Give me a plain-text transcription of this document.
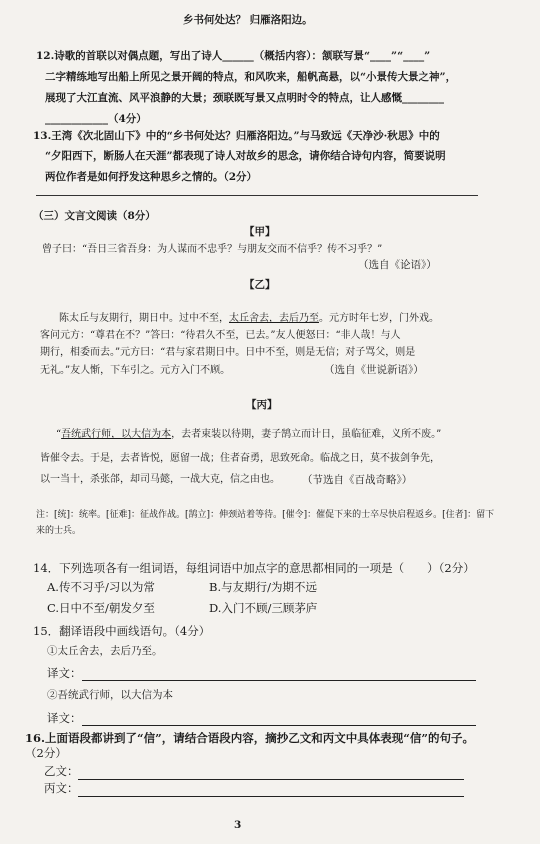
乡书何处达？ 归雁洛阳边。
12.诗歌的首联以对偶点题，写出了诗人______（概括内容）：颔联写景“____”“____”
二字精练地写出船上所见之景开阔的特点，和风吹来，船帆高悬，以“小景传大景之神”，
展现了大江直流、风平浪静的大景；颈联既写景又点明时令的特点，让人感慨________
____________（4分）
13.王湾《次北固山下》中的“乡书何处达？归雁洛阳边。”与马致远《天净沙·秋思》中的
“夕阳西下，断肠人在天涯”都表现了诗人对故乡的思念，请你结合诗句内容，简要说明
两位作者是如何抒发这种思乡之情的。（2分）
（三）文言文阅读（8分）
【甲】
曾子曰：“吾日三省吾身：为人谋而不忠乎？与朋友交而不信乎？传不习乎？”
（选自《论语》）
【乙】
陈太丘与友期行，期日中。过中不至，太丘舍去，去后乃至。元方时年七岁，门外戏。
客问元方：“尊君在不？”答曰：“待君久不至，已去。”友人便怒曰：“非人哉！与人
期行，相委而去。”元方曰：“君与家君期日中。日中不至，则是无信；对子骂父，则是
无礼。”友人惭，下车引之。元方入门不顾。	（选自《世说新语》）
【丙】
“吾统武行师，以大信为本，去者束装以待期，妻子鹄立而计日，虽临征难，义所不废。”
皆催令去。于是，去者皆悦，愿留一战；住者奋勇，思致死命。临战之日，莫不拔剑争先，
以一当十，杀张郃，却司马懿，一战大克，信之由也。 （节选自《百战奇略》）
注：[统]：统率。[征难]：征战作战。[鹄立]：伸颈站着等待。[催令]：催促下来的士卒尽快启程返乡。[住者]：留下
来的士兵。
14．下列选项各有一组词语，每组词语中加点字的意思都相同的一项是（　　）（2分）
A.传不习乎/习以为常	B.与友期行/为期不远
C.日中不至/朝发夕至	D.入门不顾/三顾茅庐
15．翻译语段中画线语句。（4分）
①太丘舍去，去后乃至。
译文：
②吾统武行师，以大信为本
译文：
16.上面语段都讲到了“信”，请结合语段内容，摘抄乙文和丙文中具体表现“信”的句子。
（2分）
乙文：
丙文：
3
